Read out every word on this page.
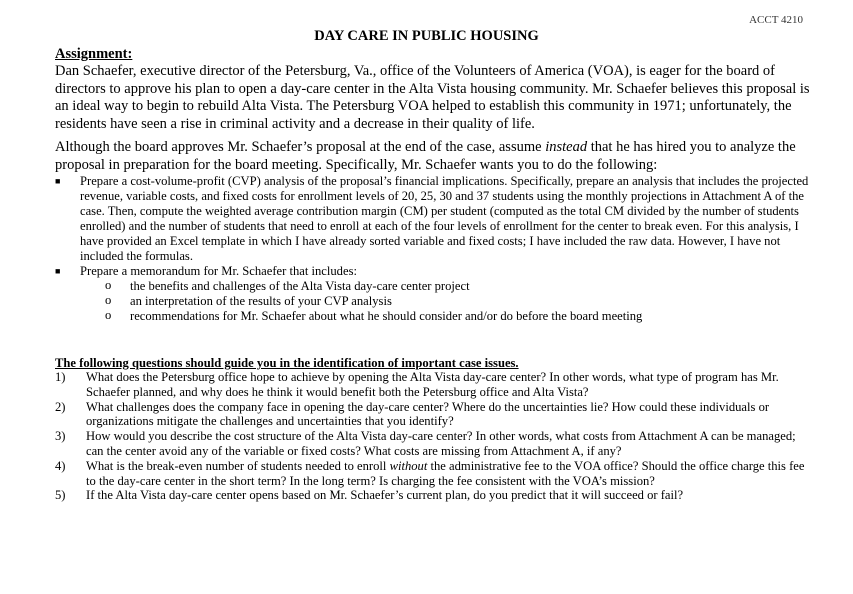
ACCT 4210
DAY CARE IN PUBLIC HOUSING
Assignment:

Dan Schaefer, executive director of the Petersburg, Va., office of the Volunteers of America (VOA), is eager for the board of directors to approve his plan to open a day-care center in the Alta Vista housing community. Mr. Schaefer believes this proposal is an ideal way to begin to rebuild Alta Vista. The Petersburg VOA helped to establish this community in 1971; unfortunately, the residents have seen a rise in criminal activity and a decrease in their quality of life.

Although the board approves Mr. Schaefer’s proposal at the end of the case, assume instead that he has hired you to analyze the proposal in preparation for the board meeting. Specifically, Mr. Schaefer wants you to do the following:

■ Prepare a cost-volume-profit (CVP) analysis of the proposal’s financial implications. Specifically, prepare an analysis that includes the projected revenue, variable costs, and fixed costs for enrollment levels of 20, 25, 30 and 37 students using the monthly projections in Attachment A of the case. Then, compute the weighted average contribution margin (CM) per student (computed as the total CM divided by the number of students enrolled) and the number of students that need to enroll at each of the four levels of enrollment for the center to break even. For this analysis, I have provided an Excel template in which I have already sorted variable and fixed costs; I have included the raw data. However, I have not included the formulas.
■ Prepare a memorandum for Mr. Schaefer that includes:
o the benefits and challenges of the Alta Vista day-care center project
o an interpretation of the results of your CVP analysis
o recommendations for Mr. Schaefer about what he should consider and/or do before the board meeting
The following questions should guide you in the identification of important case issues.
1) What does the Petersburg office hope to achieve by opening the Alta Vista day-care center? In other words, what type of program has Mr. Schaefer planned, and why does he think it would benefit both the Petersburg office and Alta Vista?
2) What challenges does the company face in opening the day-care center? Where do the uncertainties lie? How could these individuals or organizations mitigate the challenges and uncertainties that you identify?
3) How would you describe the cost structure of the Alta Vista day-care center? In other words, what costs from Attachment A can be managed; can the center avoid any of the variable or fixed costs? What costs are missing from Attachment A, if any?
4) What is the break-even number of students needed to enroll without the administrative fee to the VOA office? Should the office charge this fee to the day-care center in the short term? In the long term? Is charging the fee consistent with the VOA’s mission?
5) If the Alta Vista day-care center opens based on Mr. Schaefer’s current plan, do you predict that it will succeed or fail?
